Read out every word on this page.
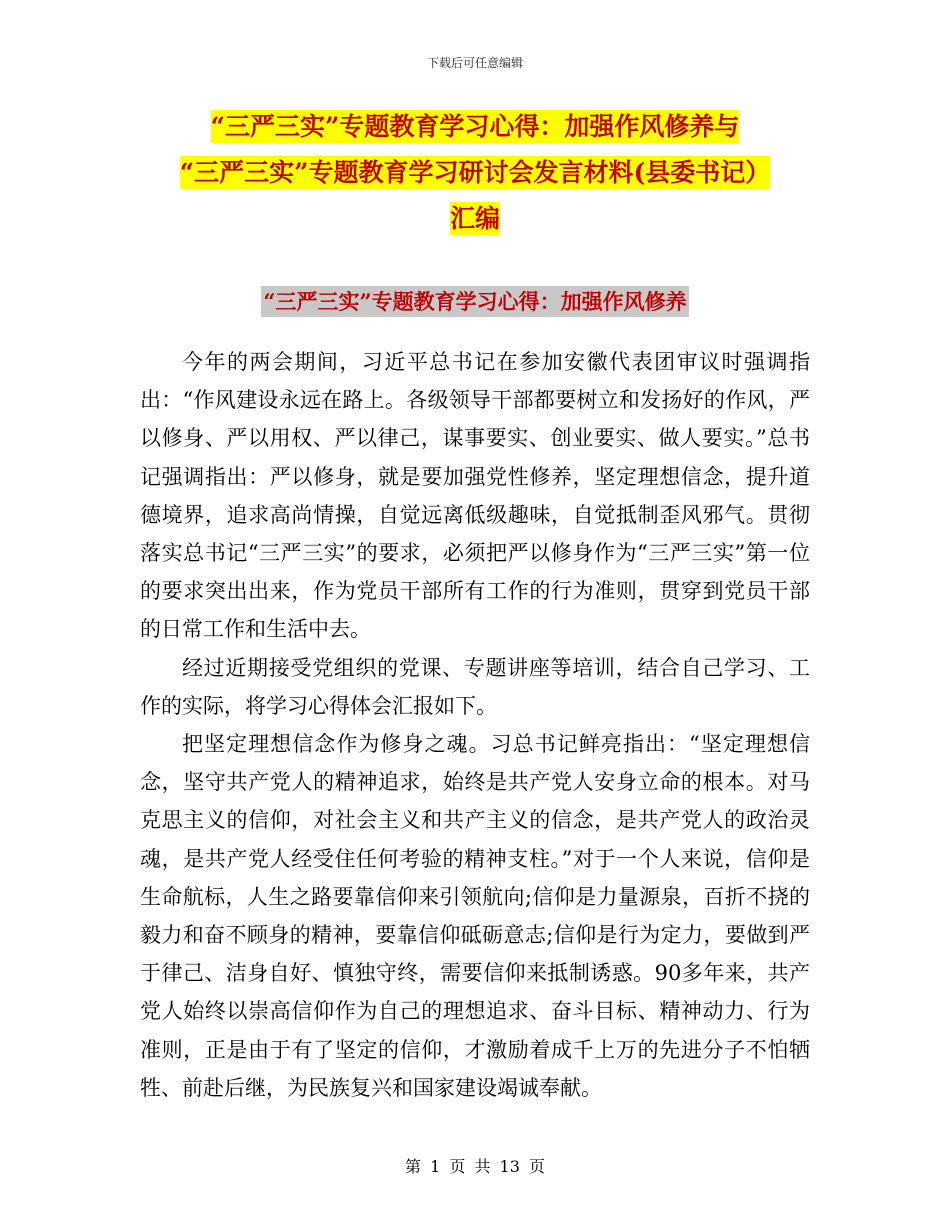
下载后可任意编辑
“三严三实”专题教育学习心得：加强作风修养与
“三严三实”专题教育学习研讨会发言材料(县委书记）
汇编
“三严三实”专题教育学习心得：加强作风修养

今年的两会期间，习近平总书记在参加安徽代表团审议时强调指出：“作风建设永远在路上。各级领导干部都要树立和发扬好的作风，严以修身、严以用权、严以律己，谋事要实、创业要实、做人要实。”总书记强调指出：严以修身，就是要加强党性修养，坚定理想信念，提升道德境界，追求高尚情操，自觉远离低级趣味，自觉抵制歪风邪气。贯彻落实总书记“三严三实”的要求，必须把严以修身作为“三严三实”第一位的要求突出出来，作为党员干部所有工作的行为准则，贯穿到党员干部的日常工作和生活中去。

经过近期接受党组织的党课、专题讲座等培训，结合自己学习、工作的实际，将学习心得体会汇报如下。

把坚定理想信念作为修身之魂。习总书记鲜亮指出：“坚定理想信念，坚守共产党人的精神追求，始终是共产党人安身立命的根本。对马克思主义的信仰，对社会主义和共产主义的信念，是共产党人的政治灵魂，是共产党人经受住任何考验的精神支柱。”对于一个人来说，信仰是生命航标，人生之路要靠信仰来引领航向;信仰是力量源泉，百折不挠的毅力和奋不顾身的精神，要靠信仰砥砺意志;信仰是行为定力，要做到严于律己、洁身自好、慎独守终，需要信仰来抵制诱惑。90多年来，共产党人始终以崇高信仰作为自己的理想追求、奋斗目标、精神动力、行为准则，正是由于有了坚定的信仰，才激励着成千上万的先进分子不怕牺牲、前赴后继，为民族复兴和国家建设竭诚奉献。

第 1 页 共 13 页
